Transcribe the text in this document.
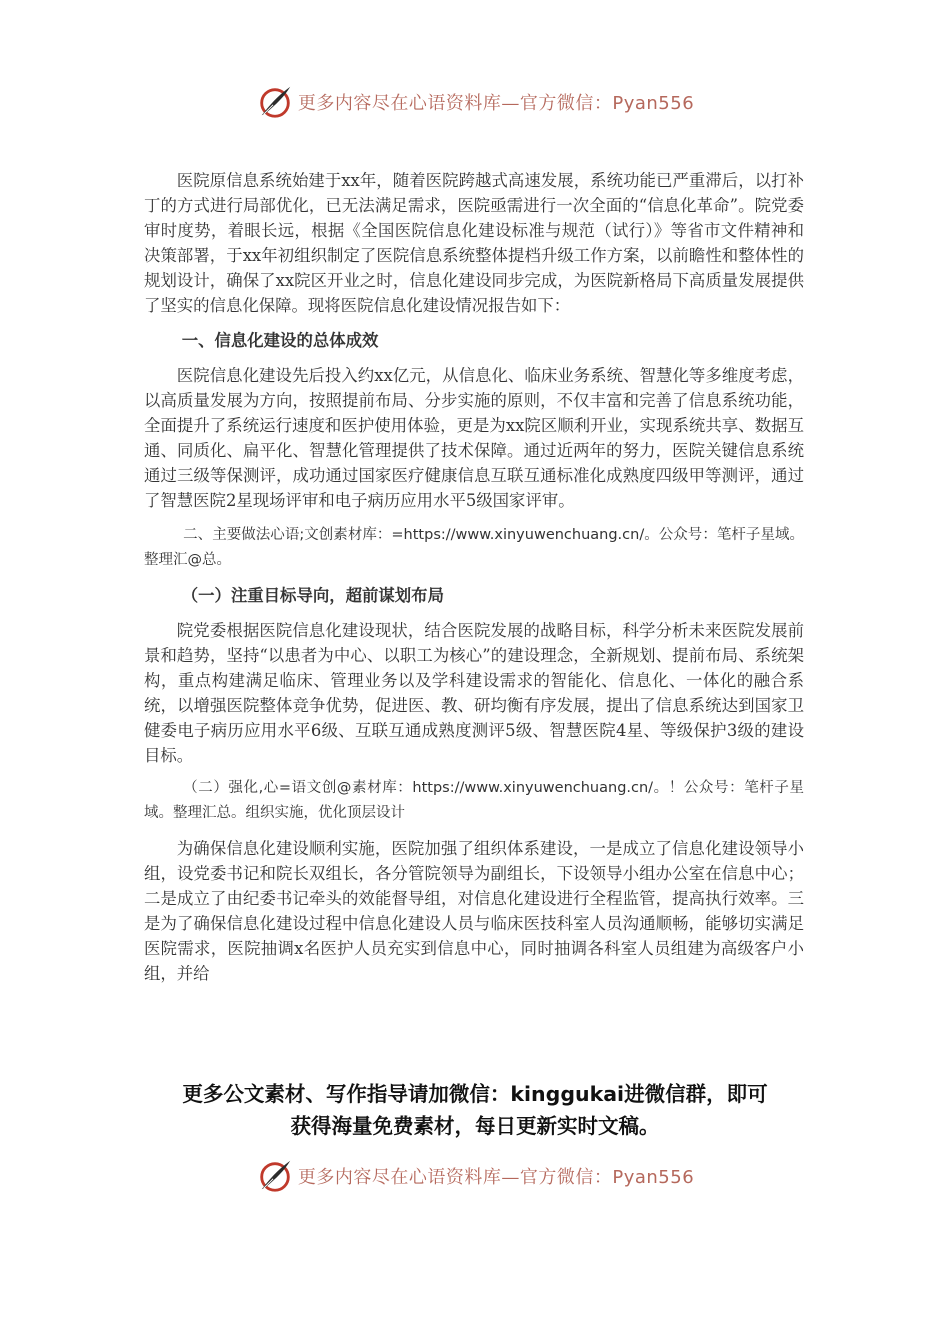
更多内容尽在心语资料库—官方微信：Pyan556

医院原信息系统始建于xx年，随着医院跨越式高速发展，系统功能已严重滞后，以打补丁的方式进行局部优化，已无法满足需求，医院亟需进行一次全面的“信息化革命”。院党委审时度势，着眼长远，根据《全国医院信息化建设标准与规范（试行）》等省市文件精神和决策部署，于xx年初组织制定了医院信息系统整体提档升级工作方案，以前瞻性和整体性的规划设计，确保了xx院区开业之时，信息化建设同步完成，为医院新格局下高质量发展提供了坚实的信息化保障。现将医院信息化建设情况报告如下：

一、信息化建设的总体成效

医院信息化建设先后投入约xx亿元，从信息化、临床业务系统、智慧化等多维度考虑，以高质量发展为方向，按照提前布局、分步实施的原则，不仅丰富和完善了信息系统功能，全面提升了系统运行速度和医护使用体验，更是为xx院区顺利开业，实现系统共享、数据互通、同质化、扁平化、智慧化管理提供了技术保障。通过近两年的努力，医院关键信息系统通过三级等保测评，成功通过国家医疗健康信息互联互通标准化成熟度四级甲等测评，通过了智慧医院2星现场评审和电子病历应用水平5级国家评审。

二、主要做法心语;文创素材库：=https://www.xinyuwenchuang.cn/。公众号：笔杆子星域。整理汇@总。

（一）注重目标导向，超前谋划布局

院党委根据医院信息化建设现状，结合医院发展的战略目标，科学分析未来医院发展前景和趋势，坚持“以患者为中心、以职工为核心”的建设理念，全新规划、提前布局、系统架构，重点构建满足临床、管理业务以及学科建设需求的智能化、信息化、一体化的融合系统，以增强医院整体竞争优势，促进医、教、研均衡有序发展，提出了信息系统达到国家卫健委电子病历应用水平6级、互联互通成熟度测评5级、智慧医院4星、等级保护3级的建设目标。

（二）强化,心=语文创@素材库：https://www.xinyuwenchuang.cn/。！公众号：笔杆子星域。整理汇总。组织实施，优化顶层设计

为确保信息化建设顺利实施，医院加强了组织体系建设，一是成立了信息化建设领导小组，设党委书记和院长双组长，各分管院领导为副组长，下设领导小组办公室在信息中心；二是成立了由纪委书记牵头的效能督导组，对信息化建设进行全程监管，提高执行效率。三是为了确保信息化建设过程中信息化建设人员与临床医技科室人员沟通顺畅，能够切实满足医院需求，医院抽调x名医护人员充实到信息中心，同时抽调各科室人员组建为高级客户小组，并给

更多公文素材、写作指导请加微信：kinggukai进微信群，即可
获得海量免费素材，每日更新实时文稿。
更多内容尽在心语资料库—官方微信：Pyan556
